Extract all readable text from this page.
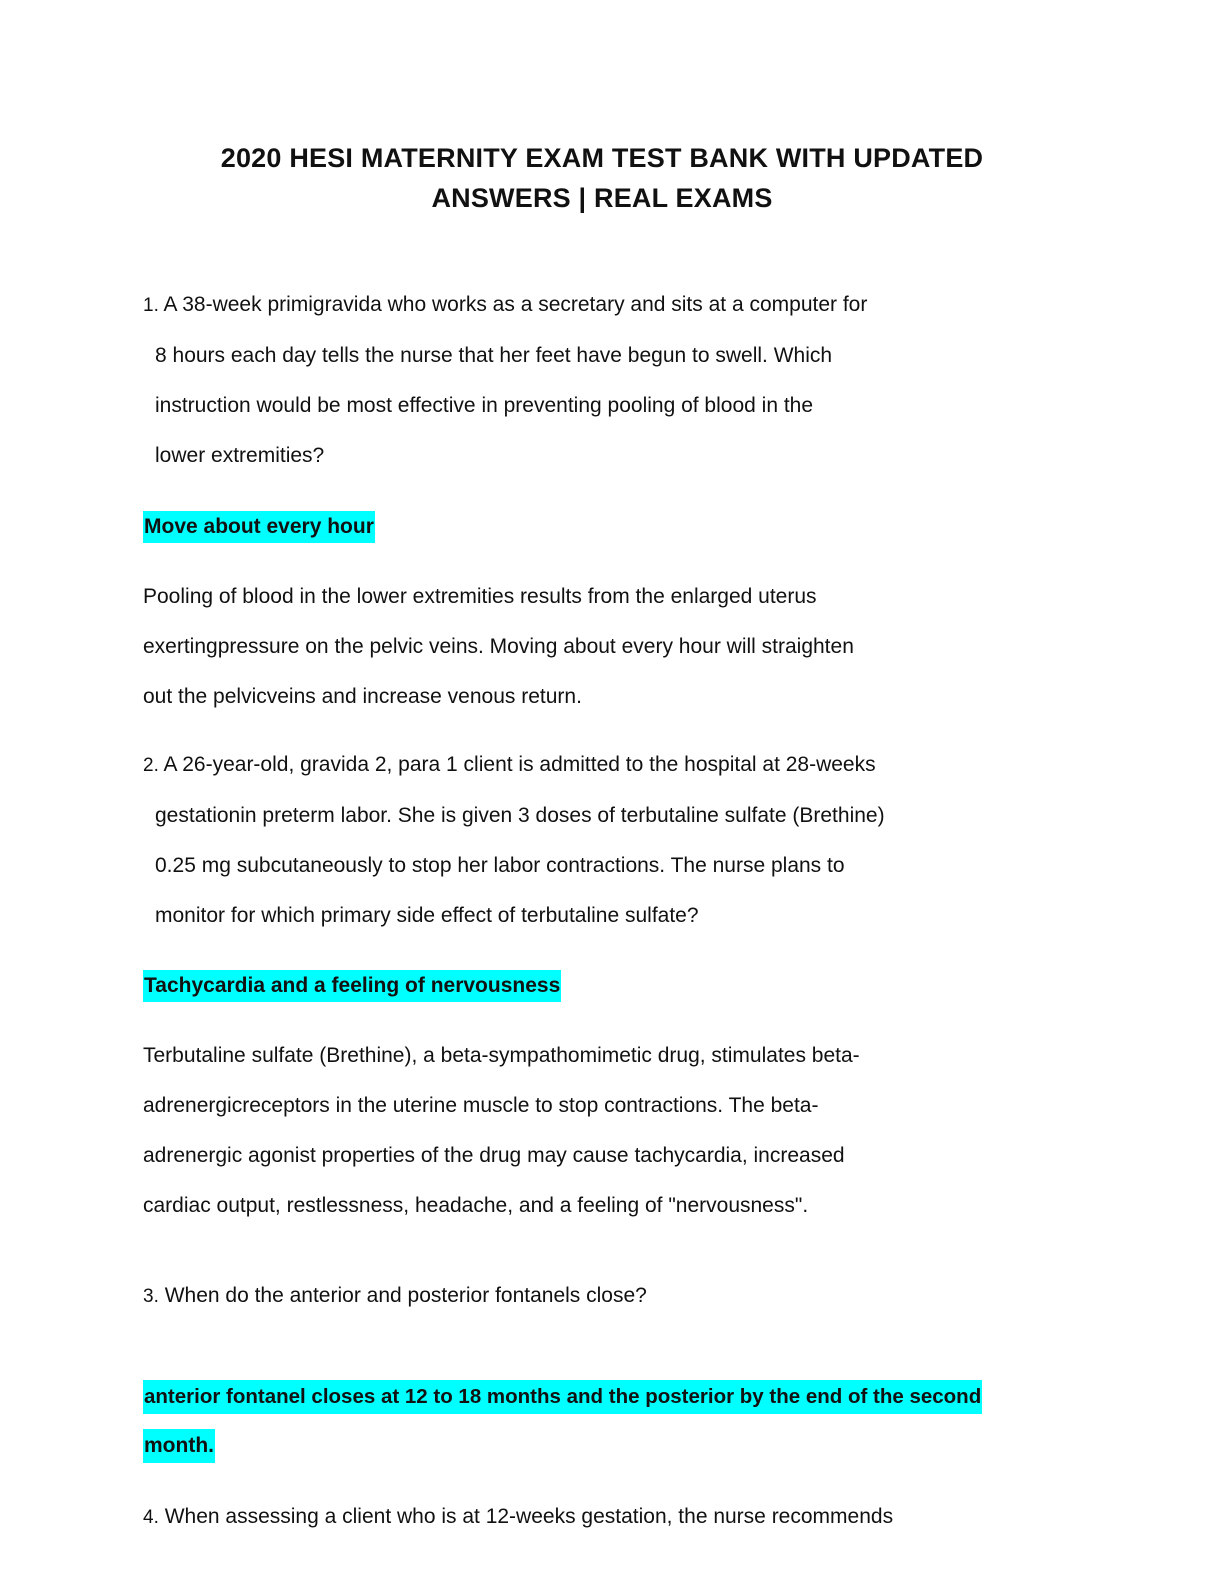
2020 HESI MATERNITY EXAM TEST BANK WITH UPDATED
ANSWERS | REAL EXAMS
1. A 38-week primigravida who works as a secretary and sits at a computer for
8 hours each day tells the nurse that her feet have begun to swell. Which
instruction would be most effective in preventing pooling of blood in the
lower extremities?
Move about every hour
Pooling of blood in the lower extremities results from the enlarged uterus
exertingpressure on the pelvic veins. Moving about every hour will straighten
out the pelvicveins and increase venous return.
2. A 26-year-old, gravida 2, para 1 client is admitted to the hospital at 28-weeks
gestationin preterm labor. She is given 3 doses of terbutaline sulfate (Brethine)
0.25 mg subcutaneously to stop her labor contractions. The nurse plans to
monitor for which primary side effect of terbutaline sulfate?
Tachycardia and a feeling of nervousness
Terbutaline sulfate (Brethine), a beta-sympathomimetic drug, stimulates beta-
adrenergicreceptors in the uterine muscle to stop contractions. The beta-
adrenergic agonist properties of the drug may cause tachycardia, increased
cardiac output, restlessness, headache, and a feeling of "nervousness".
3. When do the anterior and posterior fontanels close?
anterior fontanel closes at 12 to 18 months and the posterior by the end of the second
month.
4. When assessing a client who is at 12-weeks gestation, the nurse recommends
